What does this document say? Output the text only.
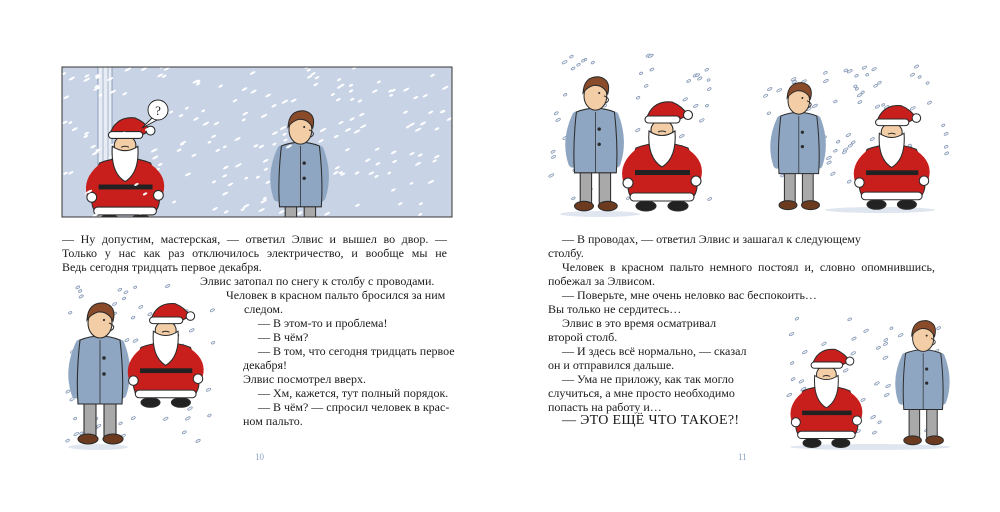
?
— Ну допустим, мастерская, — ответил Элвис и вышел во двор. —
Только у нас как раз отключилось электричество, и вообще мы не
Ведь сегодня тридцать первое декабря.
Элвис затопал по снегу к столбу с проводами.
Человек в красном пальто бросился за ним
следом.
— В этом-то и проблема!
— В чём?
— В том, что сегодня тридцать первое
декабря!
Элвис посмотрел вверх.
— Хм, кажется, тут полный порядок.
— В чём? — спросил человек в крас-
ном пальто.
10
— В проводах, — ответил Элвис и зашагал к следующему
столбу.
Человек в красном пальто немного постоял и, словно опомнившись,
побежал за Элвисом.
— Поверьте, мне очень неловко вас беспокоить…
Вы только не сердитесь…
Элвис в это время осматривал
второй столб.
— И здесь всё нормально, — сказал
он и отправился дальше.
— Ума не приложу, как так могло
случиться, а мне просто необходимо
попасть на работу и…
— ЭТО ЕЩЁ ЧТО ТАКОЕ?!
11
